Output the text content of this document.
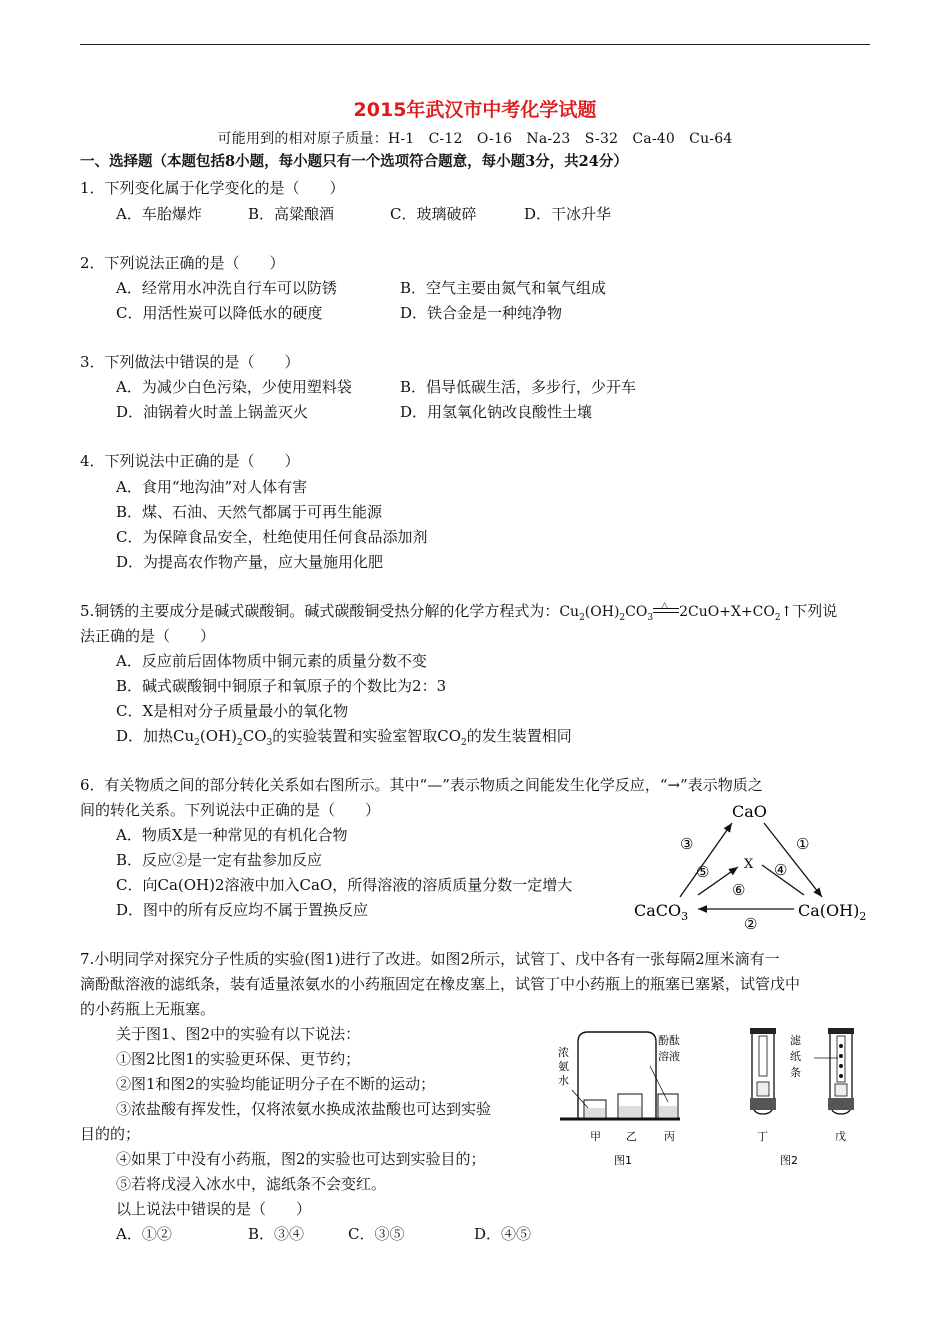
2015年武汉市中考化学试题
可能用到的相对原子质量：H-1　C-12　O-16　Na-23　S-32　Ca-40　Cu-64
一、选择题（本题包括8小题，每小题只有一个选项符合题意，每小题3分，共24分）
1．下列变化属于化学变化的是（　　）
A．车胎爆炸	B．高粱酿酒	C．玻璃破碎	D．干冰升华
2．下列说法正确的是（　　）
A．经常用水冲洗自行车可以防锈	B．空气主要由氮气和氧气组成
C．用活性炭可以降低水的硬度	D．铁合金是一种纯净物
3．下列做法中错误的是（　　）
A．为减少白色污染，少使用塑料袋	B．倡导低碳生活，多步行，少开车
D．油锅着火时盖上锅盖灭火	D．用氢氧化钠改良酸性土壤
4．下列说法中正确的是（　　）
A．食用“地沟油”对人体有害
B．煤、石油、天然气都属于可再生能源
C．为保障食品安全，杜绝使用任何食品添加剂
D．为提高农作物产量，应大量施用化肥
5.铜锈的主要成分是碱式碳酸铜。碱式碳酸铜受热分解的化学方程式为：$Cu_2(OH)_2CO_3$
△ $2CuO+X+CO_2↑$下列说
法正确的是（　　）
A．反应前后固体物质中铜元素的质量分数不变
B．碱式碳酸铜中铜原子和氧原子的个数比为2：3
C．X是相对分子质量最小的氧化物
D．加热$Cu_2(OH)_2CO_3$的实验装置和实验室智取$CO_2$的发生装置相同
6．有关物质之间的部分转化关系如右图所示。其中“—”表示物质之间能发生化学反应，“→”表示物质之
间的转化关系。下列说法中正确的是（　　）
A．物质X是一种常见的有机化合物
B．反应②是一定有盐参加反应
C．向Ca(OH)2溶液中加入CaO，所得溶液的溶质质量分数一定增大
D．图中的所有反应均不属于置换反应
CaO
X
CaCO$_3$	$Ca(OH)_2$
①
②
③
④
⑤
⑥
7.小明同学对探究分子性质的实验(图1)进行了改进。如图2所示，试管丁、戊中各有一张每隔2厘米滴有一
滴酚酞溶液的滤纸条，装有适量浓氨水的小药瓶固定在橡皮塞上，试管丁中小药瓶上的瓶塞已塞紧，试管戊中
的小药瓶上无瓶塞。
关于图1、图2中的实验有以下说法：
①图2比图1的实验更环保、更节约；
②图1和图2的实验均能证明分子在不断的运动；
③浓盐酸有挥发性，仅将浓氨水换成浓盐酸也可达到实验
目的的；
④如果丁中没有小药瓶，图2的实验也可达到实验目的；
⑤若将戊浸入冰水中，滤纸条不会变红。
以上说法中错误的是（　　）
A．①②	B．③④	C．③⑤	D．④⑤
浓
氨
水
酚酞
溶液
甲 乙 丙
图1
滤
纸
条
丁	戊
图2
